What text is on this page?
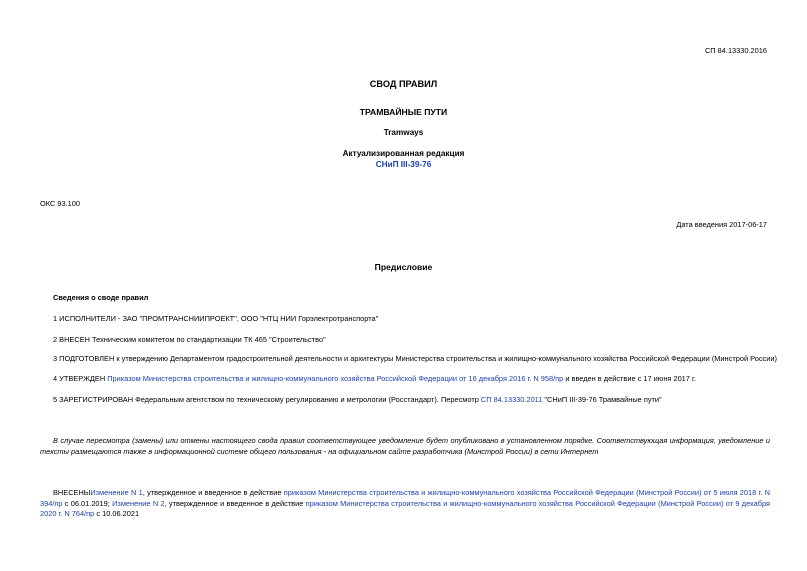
СП 84.13330.2016
СВОД ПРАВИЛ
ТРАМВАЙНЫЕ ПУТИ
Tramways
Актуализированная редакция
СНиП III-39-76
ОКС 93.100
Дата введения 2017-06-17
Предисловие
Сведения о своде правил
1 ИСПОЛНИТЕЛИ - ЗАО "ПРОМТРАНСНИИПРОЕКТ", ООО "НТЦ НИИ Горэлектротранспорта"
2 ВНЕСЕН Техническим комитетом по стандартизации ТК 465 "Строительство"
3 ПОДГОТОВЛЕН к утверждению Департаментом градостроительной деятельности и архитектуры Министерства строительства и жилищно-коммунального хозяйства Российской Федерации (Минстрой России)
4 УТВЕРЖДЕН Приказом Министерства строительства и жилищно-коммунального хозяйства Российской Федерации от 16 декабря 2016 г. N 958/пр и введен в действие с 17 июня 2017 г.
5 ЗАРЕГИСТРИРОВАН Федеральным агентством по техническому регулированию и метрологии (Росстандарт). Пересмотр СП 84.13330.2011 "СНиП III-39-76 Трамвайные пути"
В случае пересмотра (замены) или отмены настоящего свода правил соответствующее уведомление будет опубликовано в установленном порядке. Соответствующая информация, уведомление и тексты размещаются также в информационной системе общего пользования - на официальном сайте разработчика (Минстрой России) в сети Интернет
ВНЕСЕНЫИзменение N 1, утвержденное и введенное в действие приказом Министерства строительства и жилищно-коммунального хозяйства Российской Федерации (Минстрой России) от 5 июля 2018 г. N 394/пр с 06.01.2019; Изменение N 2, утвержденное и введенное в действие приказом Министерства строительства и жилищно-коммунального хозяйства Российской Федерации (Минстрой России) от 9 декабря 2020 г. N 764/пр с 10.06.2021
